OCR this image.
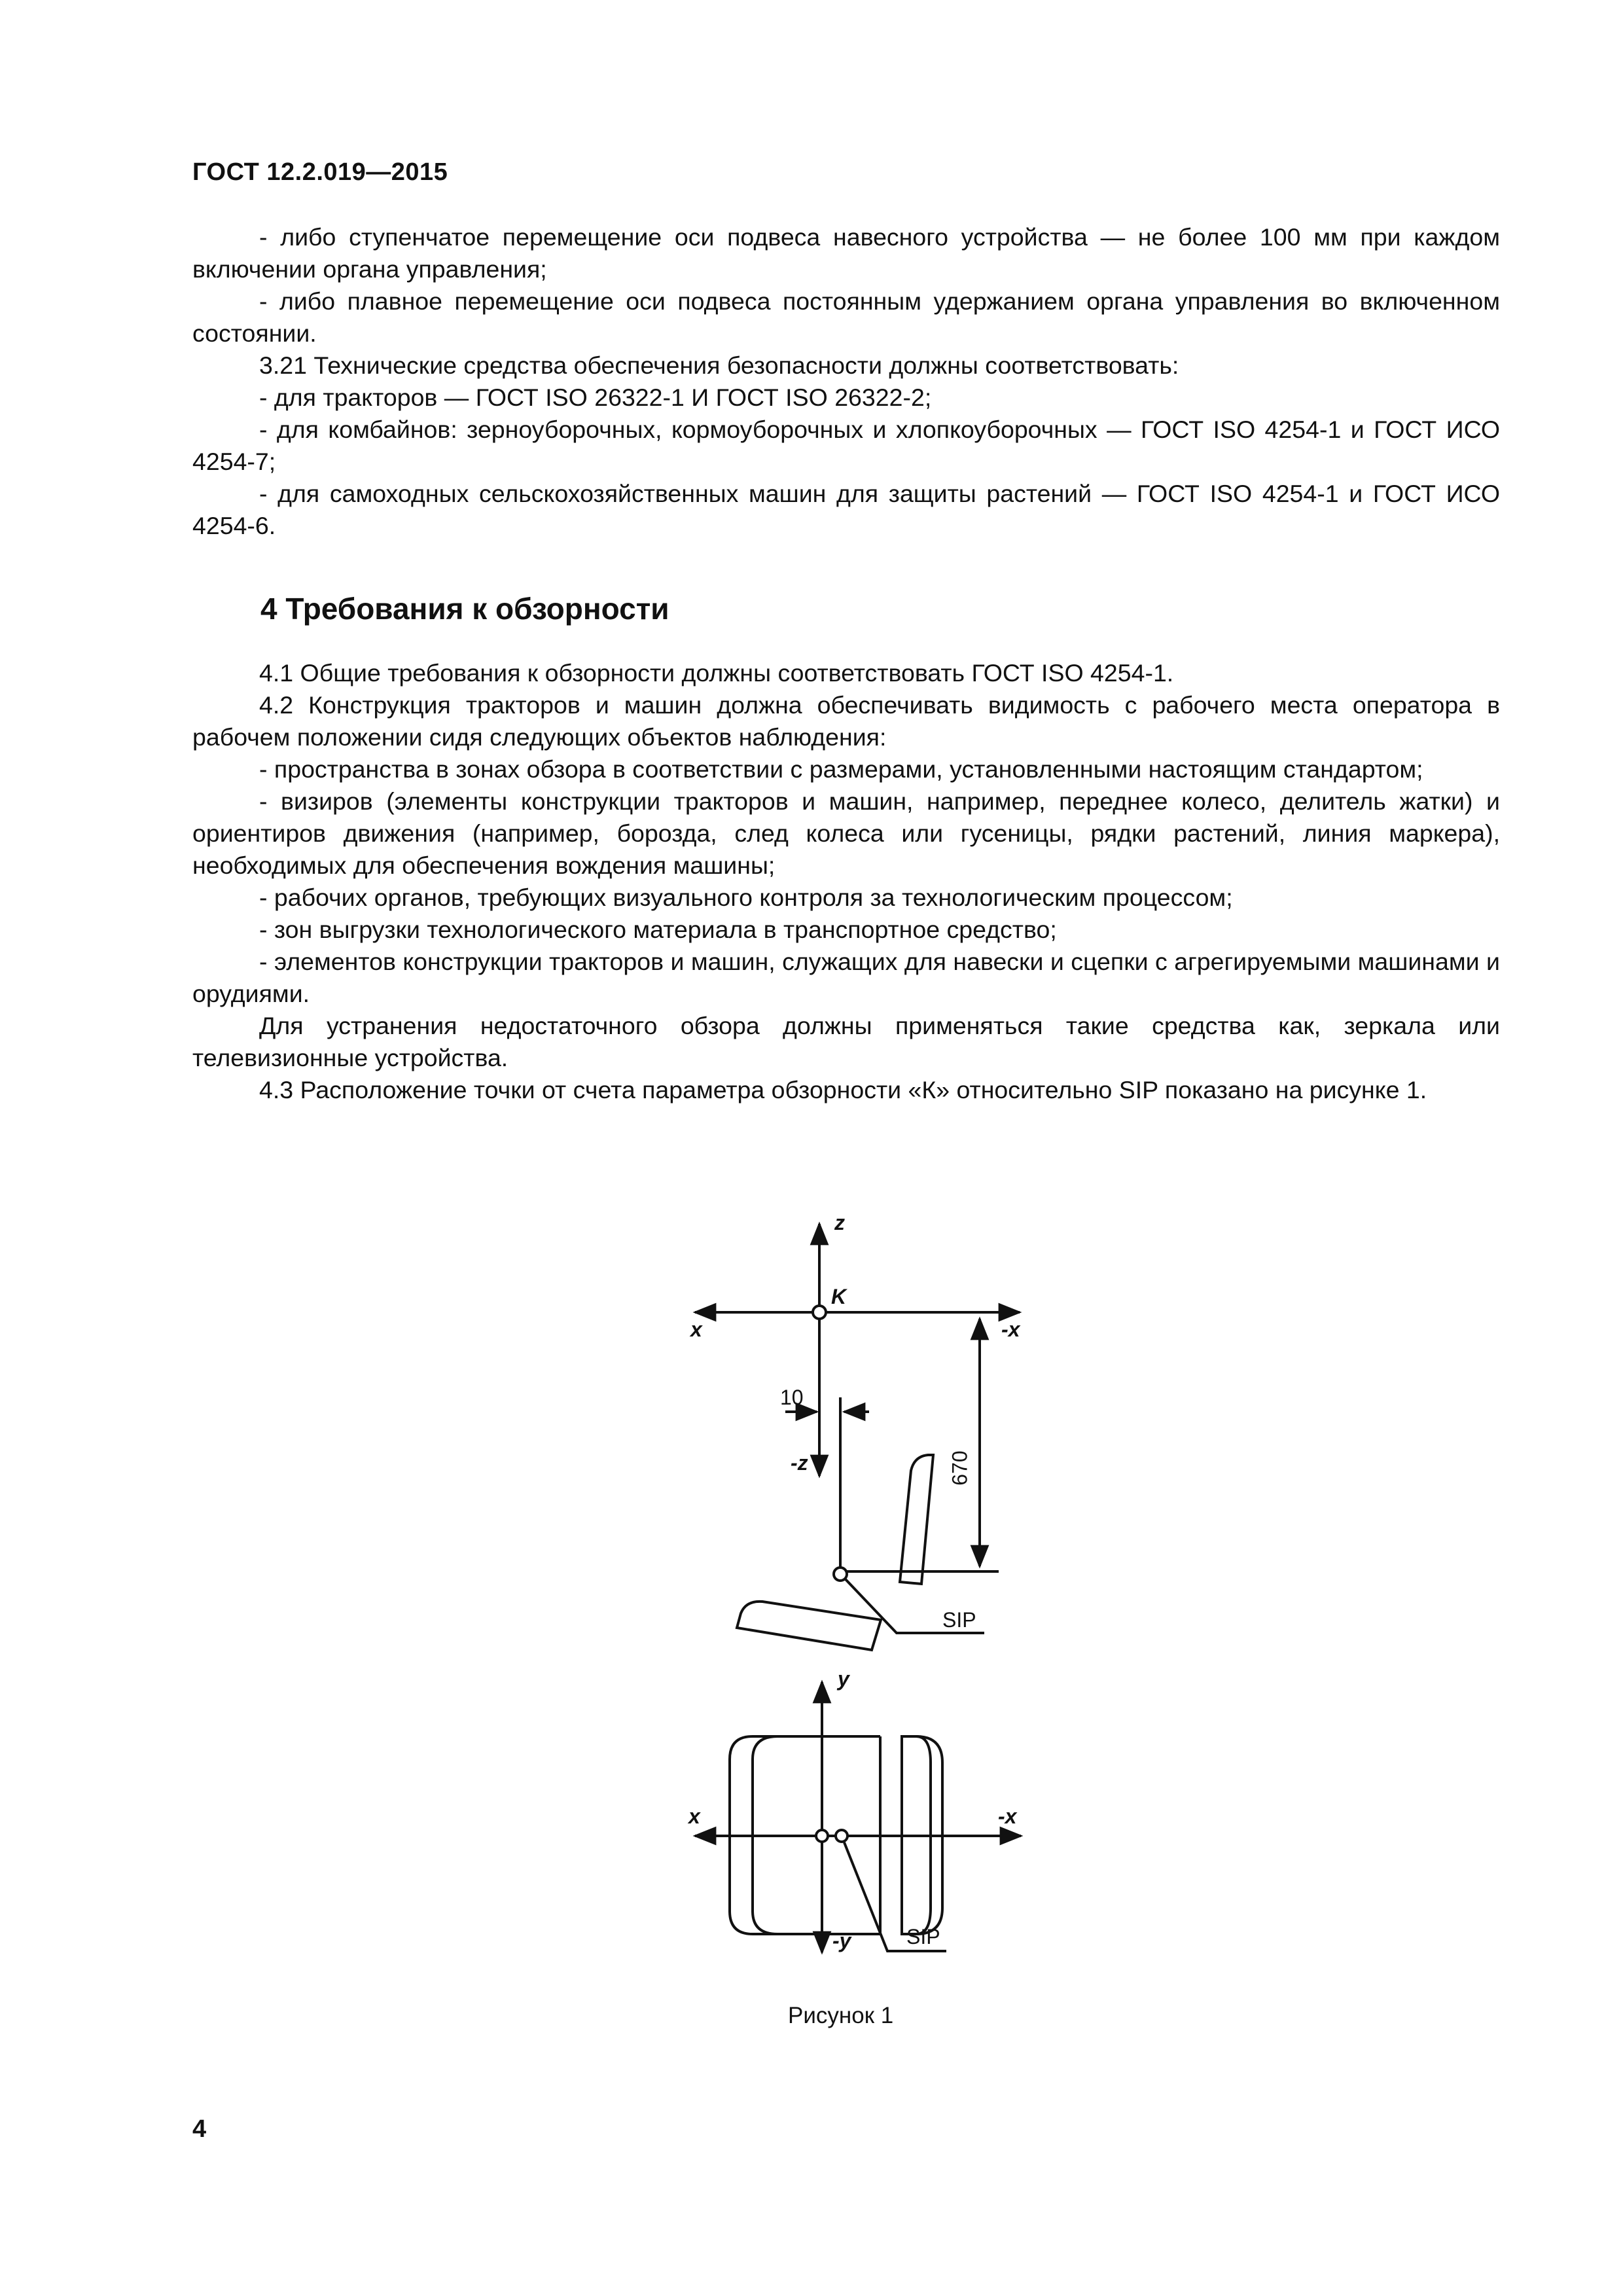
ГОСТ 12.2.019—2015

- либо ступенчатое перемещение оси подвеса навесного устройства — не более 100 мм при каждом включении органа управления;

- либо плавное перемещение оси подвеса постоянным удержанием органа управления во включенном состоянии.

3.21 Технические средства обеспечения безопасности должны соответствовать:

- для тракторов — ГОСТ ISO 26322-1 И ГОСТ ISO 26322-2;

- для комбайнов: зерноуборочных, кормоуборочных и хлопкоуборочных — ГОСТ ISO 4254-1 и ГОСТ ИСО 4254-7;

- для самоходных сельскохозяйственных машин для защиты растений — ГОСТ ISO 4254-1 и ГОСТ ИСО 4254-6.

4 Требования к обзорности

4.1 Общие требования к обзорности должны соответствовать ГОСТ ISO 4254-1.

4.2 Конструкция тракторов и машин должна обеспечивать видимость с рабочего места оператора в рабочем положении сидя следующих объектов наблюдения:

- пространства в зонах обзора в соответствии с размерами, установленными настоящим стандартом;

- визиров (элементы конструкции тракторов и машин, например, переднее колесо, делитель жатки) и ориентиров движения (например, борозда, след колеса или гусеницы, рядки растений, линия маркера), необходимых для обеспечения вождения машины;

- рабочих органов, требующих визуального контроля за технологическим процессом;

- зон выгрузки технологического материала в транспортное средство;

- элементов конструкции тракторов и машин, служащих для навески и сцепки с агрегируемыми машинами и орудиями.

Для устранения недостаточного обзора должны применяться такие средства как, зеркала или телевизионные устройства.

4.3 Расположение точки от счета параметра обзорности «К» относительно SIP показано на рисунке 1.

z
K
x	-x
10
-z	670
SIP
y
x	-x
-y	SIP
Рисунок 1
4
